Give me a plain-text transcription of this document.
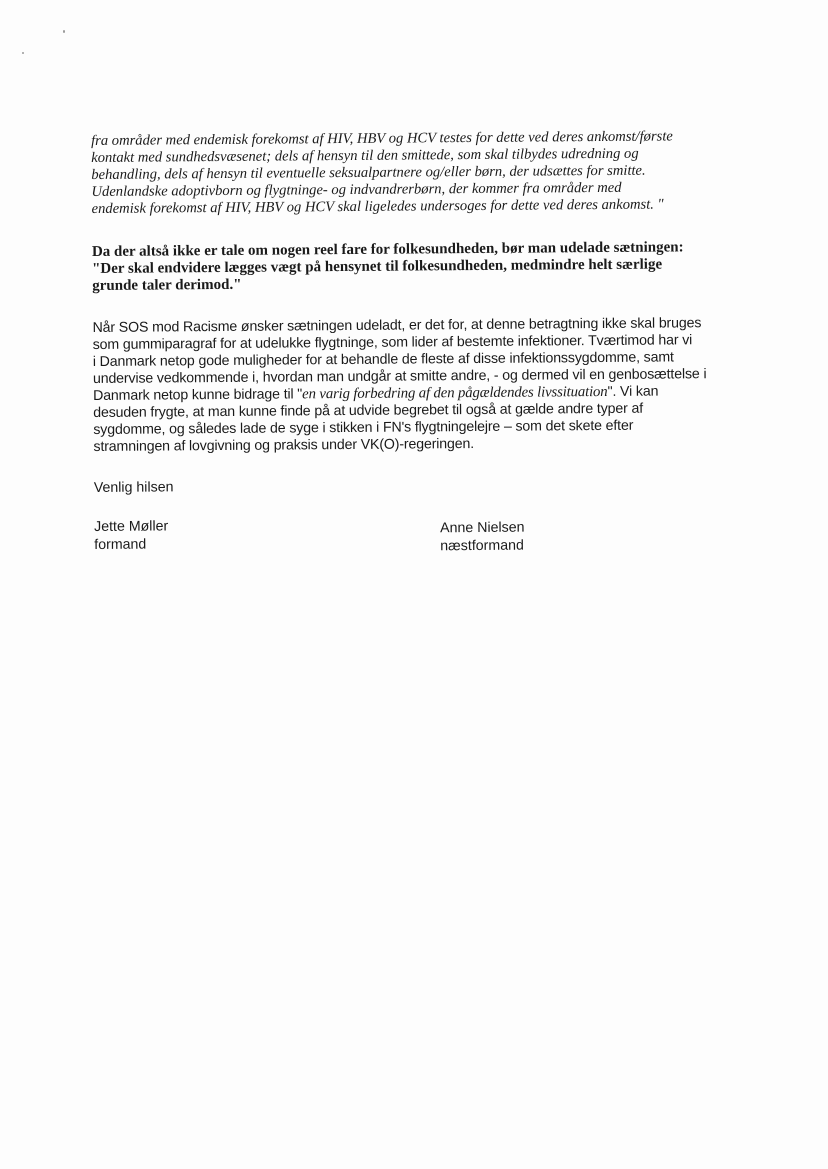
fra områder med endemisk forekomst af HIV, HBV og HCV testes for dette ved deres ankomst/første
kontakt med sundhedsvæsenet; dels af hensyn til den smittede, som skal tilbydes udredning og
behandling, dels af hensyn til eventuelle seksualpartnere og/eller børn, der udsættes for smitte.
Udenlandske adoptivborn og flygtninge- og indvandrerbørn, der kommer fra områder med
endemisk forekomst af HIV, HBV og HCV skal ligeledes undersoges for dette ved deres ankomst. "

Da der altså ikke er tale om nogen reel fare for folkesundheden, bør man udelade sætningen:
"Der skal endvidere lægges vægt på hensynet til folkesundheden, medmindre helt særlige
grunde taler derimod."

Når SOS mod Racisme ønsker sætningen udeladt, er det for, at denne betragtning ikke skal bruges
som gummiparagraf for at udelukke flygtninge, som lider af bestemte infektioner. Tværtimod har vi
i Danmark netop gode muligheder for at behandle de fleste af disse infektionssygdomme, samt
undervise vedkommende i, hvordan man undgår at smitte andre, - og dermed vil en genbosættelse i
Danmark netop kunne bidrage til "en varig forbedring af den pågældendes livssituation". Vi kan
desuden frygte, at man kunne finde på at udvide begrebet til også at gælde andre typer af
sygdomme, og således lade de syge i stikken i FN's flygtningelejre – som det skete efter
stramningen af lovgivning og praksis under VK(O)-regeringen.

Venlig hilsen

Jette Møller
formand
Anne Nielsen
næstformand
